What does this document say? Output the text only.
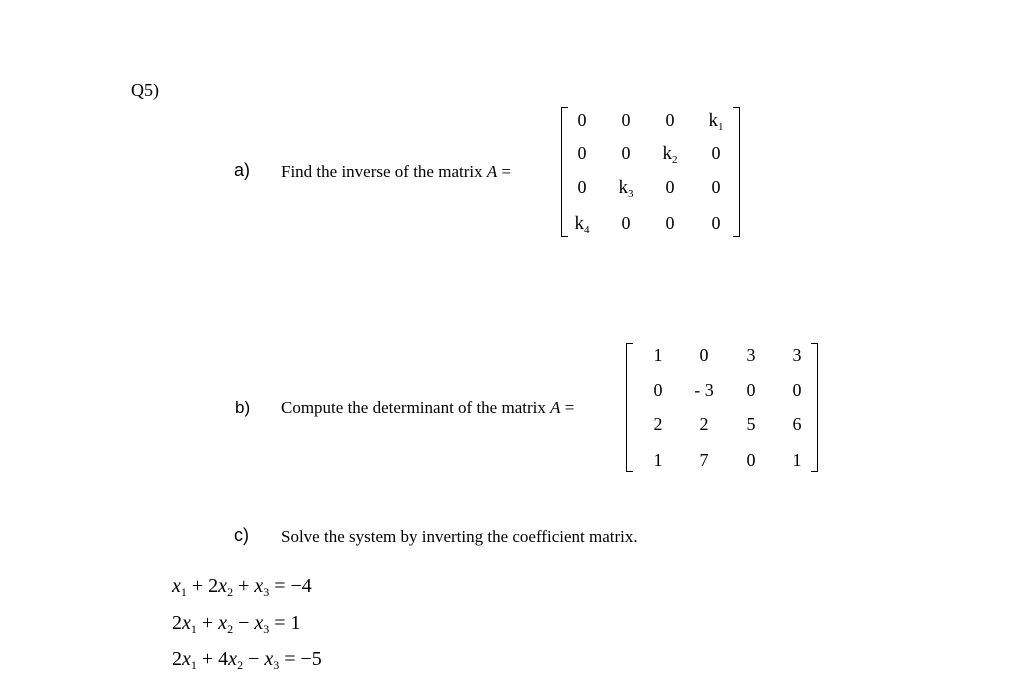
Q5)
a) Find the inverse of the matrix A =
0	0	0	$k_1$
0	0	$k_2$	0
0	$k_3$	0	0
$k_4$	0	0	0
b) Compute the determinant of the matrix A =
1	0	3	3
0	- 3	0	0
2	2	5	6
1	7	0	1
c) Solve the system by inverting the coefficient matrix.
$x_1 + 2x_2 + x_3 = -4$
$2x_1 + x_2 - x_3 = 1$
$2x_1 + 4x_2 - x_3 = -5$
